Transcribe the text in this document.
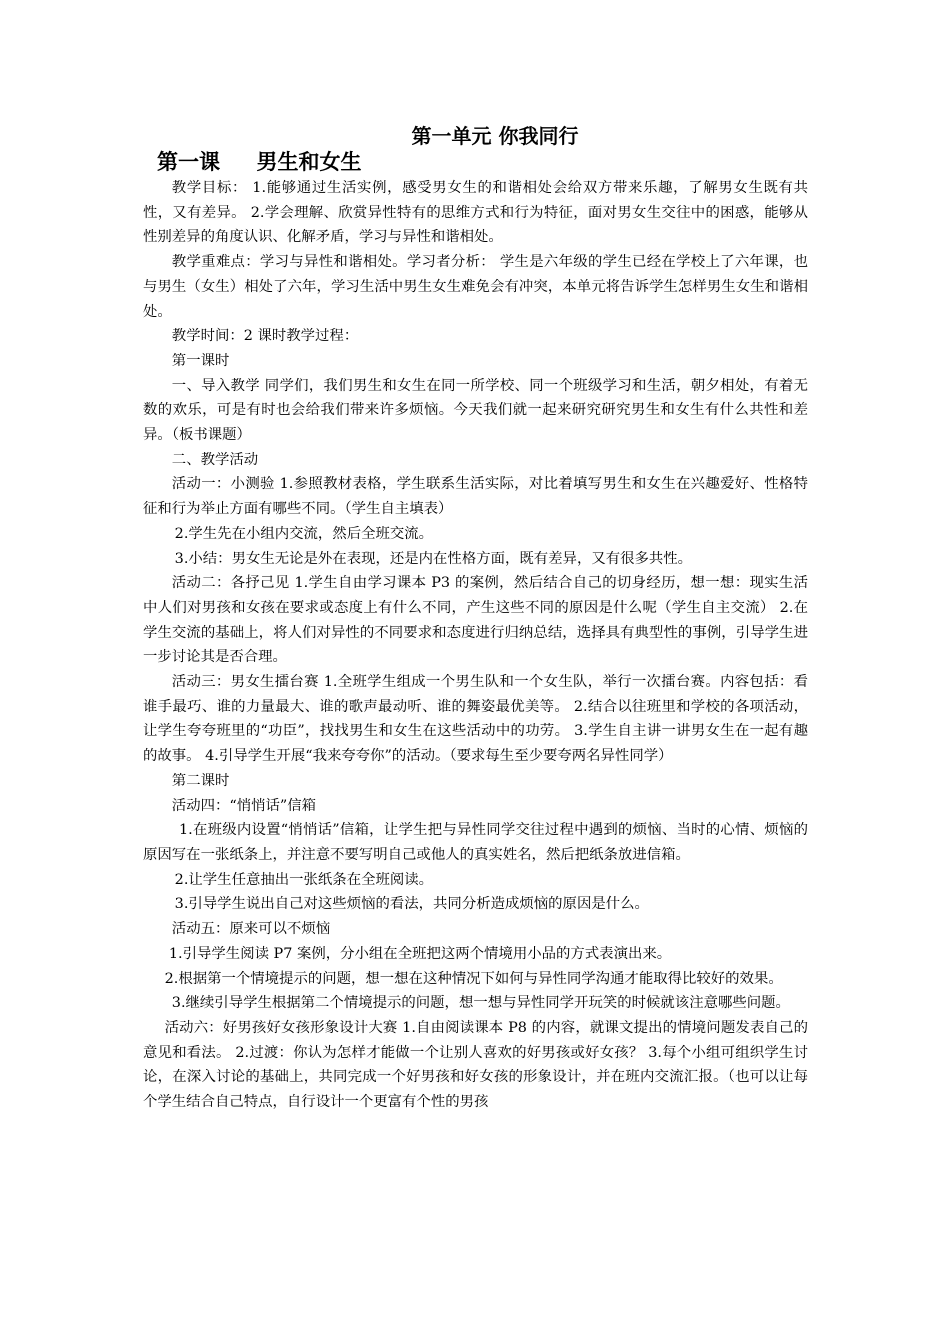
第一单元 你我同行
第一课     男生和女生

教学目标： 1.能够通过生活实例，感受男女生的和谐相处会给双方带来乐趣，了解男女生既有共性，又有差异。 2.学会理解、欣赏异性特有的思维方式和行为特征，面对男女生交往中的困惑，能够从性别差异的角度认识、化解矛盾，学习与异性和谐相处。

教学重难点：学习与异性和谐相处。学习者分析： 学生是六年级的学生已经在学校上了六年课，也与男生（女生）相处了六年，学习生活中男生女生难免会有冲突，本单元将告诉学生怎样男生女生和谐相处。

教学时间：2 课时教学过程：

第一课时

一、导入教学 同学们，我们男生和女生在同一所学校、同一个班级学习和生活，朝夕相处，有着无数的欢乐，可是有时也会给我们带来许多烦恼。今天我们就一起来研究研究男生和女生有什么共性和差异。（板书课题）

二、教学活动

活动一：小测验 1.参照教材表格，学生联系生活实际，对比着填写男生和女生在兴趣爱好、性格特征和行为举止方面有哪些不同。（学生自主填表）

2.学生先在小组内交流，然后全班交流。

3.小结：男女生无论是外在表现，还是内在性格方面，既有差异，又有很多共性。

活动二：各抒己见 1.学生自由学习课本 P3 的案例，然后结合自己的切身经历，想一想：现实生活中人们对男孩和女孩在要求或态度上有什么不同，产生这些不同的原因是什么呢（学生自主交流） 2.在学生交流的基础上，将人们对异性的不同要求和态度进行归纳总结，选择具有典型性的事例，引导学生进一步讨论其是否合理。

活动三：男女生擂台赛 1.全班学生组成一个男生队和一个女生队，举行一次擂台赛。内容包括：看谁手最巧、谁的力量最大、谁的歌声最动听、谁的舞姿最优美等。 2.结合以往班里和学校的各项活动，让学生夸夸班里的“功臣”，找找男生和女生在这些活动中的功劳。 3.学生自主讲一讲男女生在一起有趣的故事。 4.引导学生开展“我来夸夸你”的活动。（要求每生至少要夸两名异性同学）

第二课时

活动四：“悄悄话”信箱

1.在班级内设置“悄悄话”信箱，让学生把与异性同学交往过程中遇到的烦恼、当时的心情、烦恼的原因写在一张纸条上，并注意不要写明自己或他人的真实姓名，然后把纸条放进信箱。

2.让学生任意抽出一张纸条在全班阅读。

3.引导学生说出自己对这些烦恼的看法，共同分析造成烦恼的原因是什么。

活动五：原来可以不烦恼

1.引导学生阅读 P7 案例，分小组在全班把这两个情境用小品的方式表演出来。

2.根据第一个情境提示的问题，想一想在这种情况下如何与异性同学沟通才能取得比较好的效果。

3.继续引导学生根据第二个情境提示的问题，想一想与异性同学开玩笑的时候就该注意哪些问题。

活动六：好男孩好女孩形象设计大赛 1.自由阅读课本 P8 的内容，就课文提出的情境问题发表自己的意见和看法。 2.过渡：你认为怎样才能做一个让别人喜欢的好男孩或好女孩？ 3.每个小组可组织学生讨论，在深入讨论的基础上，共同完成一个好男孩和好女孩的形象设计，并在班内交流汇报。（也可以让每个学生结合自己特点，自行设计一个更富有个性的男孩
